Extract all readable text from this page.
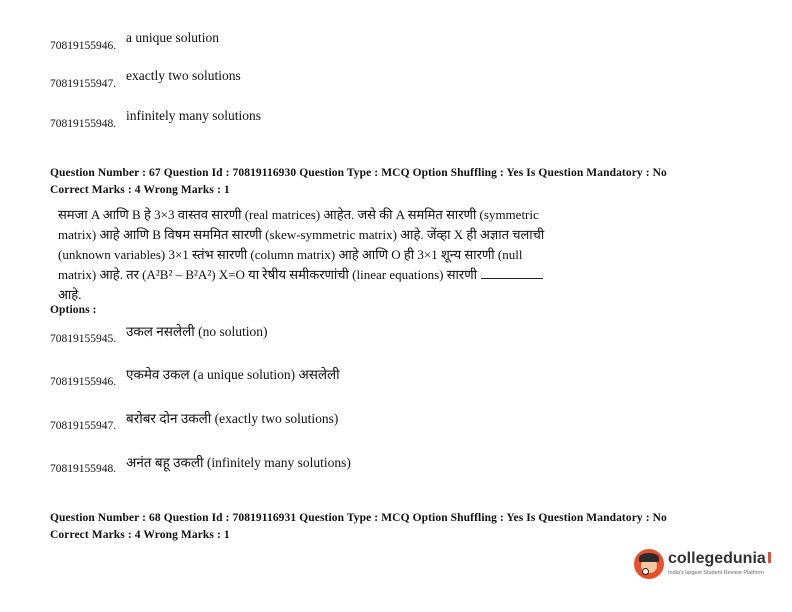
70819155946.
a unique solution
70819155947.
exactly two solutions
70819155948.
infinitely many solutions
Question Number : 67 Question Id : 70819116930 Question Type : MCQ Option Shuffling : Yes Is Question Mandatory : No
Correct Marks : 4 Wrong Marks : 1
समजा A आणि B हे 3×3 वास्तव सारणी (real matrices) आहेत. जसे की A सममित सारणी (symmetric
matrix) आहे आणि B विषम सममित सारणी (skew-symmetric matrix) आहे. जेंव्हा X ही अज्ञात चलाची
(unknown variables) 3×1 स्तंभ सारणी (column matrix) आहे आणि O ही 3×1 शून्य सारणी (null
matrix) आहे. तर (A²B² – B²A²) X=O या रेषीय समीकरणांची (linear equations) सारणी
आहे.
Options :
70819155945. उकल नसलेली (no solution)
70819155946. एकमेव उकल (a unique solution) असलेली
70819155947. बरोबर दोन उकली (exactly two solutions)
70819155948. अनंत बहू उकली (infinitely many solutions)
Question Number : 68 Question Id : 70819116931 Question Type : MCQ Option Shuffling : Yes Is Question Mandatory : No
Correct Marks : 4 Wrong Marks : 1
collegedunia
India's largest Student Review Platform
